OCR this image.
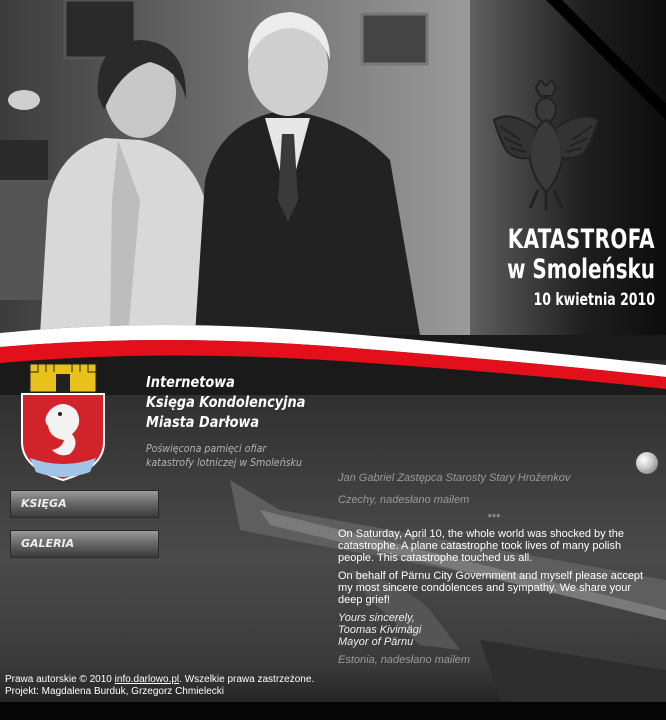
KATASTROFA
w Smoleńsku
10 kwietnia 2010
Internetowa
Księga Kondolencyjna
Miasta Darłowa
Poświęcona pamięci ofiar
katastrofy lotniczej w Smoleńsku
KSIĘGA
GALERIA
Jan Gabriel Zastępca Starosty Stary Hroženkov

Czechy, nadesłano mailem

***

On Saturday, April 10, the whole world was shocked by the catastrophe. A plane catastrophe took lives of many polish people. This catastrophe touched us all.

On behalf of Pärnu City Government and myself please accept my most sincere condolences and sympathy. We share your deep grief!

Yours sincerely,
Toomas Kivimägi
Mayor of Pärnu

Estonia, nadesłano mailem

Prawa autorskie © 2010 info.darlowo.pl. Wszelkie prawa zastrzeżone.
Projekt: Magdalena Burduk, Grzegorz Chmielecki
